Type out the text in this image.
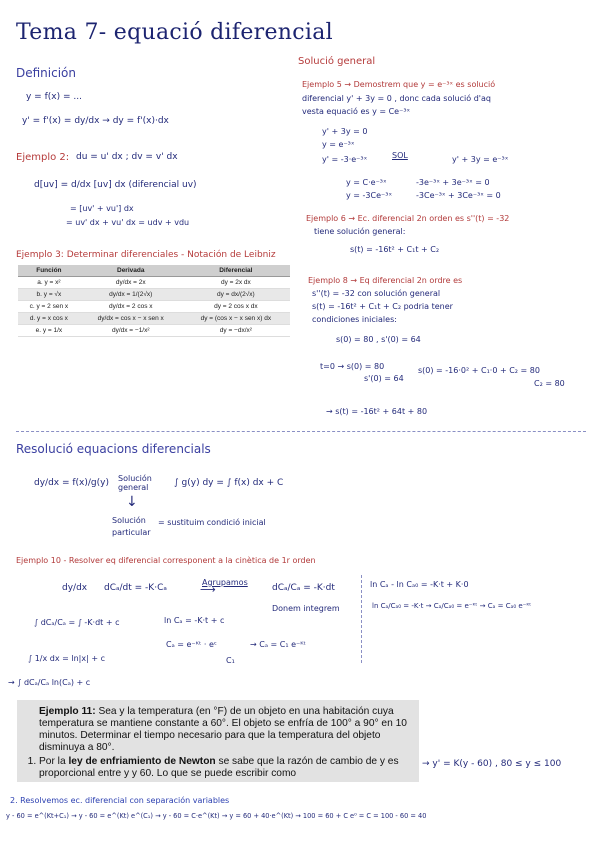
Tema 7- equació diferencial
Definición
y = f(x) = ...
y' = f'(x) = dy/dx → dy = f'(x)·dx
Ejemplo 2: du = u' dx ; dv = v' dx
d[uv] = d/dx [uv] dx (diferencial uv)
= [uv' + vu'] dx
= uv' dx + vu' dx = udv + vdu
Ejemplo 3: Determinar diferenciales - Notación de Leibniz
Función	Derivada	Diferencial
a. y = x²	dy/dx = 2x	dy = 2x dx
b. y = √x	dy/dx = 1/(2√x)	dy = dx/(2√x)
c. y = 2 sen x	dy/dx = 2 cos x	dy = 2 cos x dx
d. y = x cos x	dy/dx = cos x − x sen x	dy = (cos x − x sen x) dx
e. y = 1/x	dy/dx = −1/x²	dy = −dx/x²
Solució general
Ejemplo 5 → Demostrem que y = e⁻³ˣ es solució
diferencial y' + 3y = 0 , donc cada solució d'aq
vesta equació es y = Ce⁻³ˣ
y' + 3y = 0
y = e⁻³ˣ
y' = -3·e⁻³ˣ	SOL	y' + 3y = e⁻³ˣ
y = C·e⁻³ˣ
y = -3Ce⁻³ˣ
-3e⁻³ˣ + 3e⁻³ˣ = 0
-3Ce⁻³ˣ + 3Ce⁻³ˣ = 0
Ejemplo 6 → Ec. diferencial 2n orden es s''(t) = -32
tiene solución general:
s(t) = -16t² + C₁t + C₂
Ejemplo 8 → Eq diferencial 2n ordre es
s''(t) = -32 con solución general
s(t) = -16t² + C₁t + C₂ podria tener
condiciones iniciales:
s(0) = 80 , s'(0) = 64
t=0 → s(0) = 80
s'(0) = 64
s(0) = -16·0² + C₁·0 + C₂ = 80
C₂ = 80
→ s(t) = -16t² + 64t + 80
Resolució equacions diferencials
dy/dx = f(x)/g(y) Solución general	∫ g(y) dy = ∫ f(x) dx + C
↓
Solución
particular
= sustituim condició inicial
Ejemplo 10 - Resolver eq diferencial corresponent a la cinètica de 1r orden
dy/dx dCₐ/dt = -K·Cₐ
Agrupamos
⟶	dCₐ/Cₐ = -K·dt
Donem integrem
∫ dCₐ/Cₐ = ∫ -K·dt + c	ln Cₐ = -K·t + c
Cₐ = e⁻ᴷᵗ · eᶜ	→ Cₐ = C₁ e⁻ᴷᵗ
C₁
∫ 1/x dx = ln|x| + c
→ ∫ dCₐ/Cₐ ln(Cₐ) + c
ln Cₐ - ln Cₐ₀ = -K·t + K·0
ln Cₐ/Cₐ₀ = -K·t → Cₐ/Cₐ₀ = e⁻ᴷᵗ → Cₐ = Cₐ₀ e⁻ᴷᵗ
Ejemplo 11: Sea y la temperatura (en °F) de un objeto en una habitación cuya temperatura se mantiene constante a 60°. El objeto se enfría de 100° a 90° en 10 minutos. Determinar el tiempo necesario para que la temperatura del objeto disminuya a 80°.
1. Por la ley de enfriamiento de Newton se sabe que la razón de cambio de y es proporcional entre y y 60. Lo que se puede escribir como
→ y' = K(y - 60) , 80 ≤ y ≤ 100
2. Resolvemos ec. diferencial con separación variables
y - 60 = e^(Kt+C₁) → y - 60 = e^(Kt) e^(C₁) → y - 60 = C·e^(Kt) → y = 60 + 40·e^(Kt) → 100 = 60 + C e⁰ = C = 100 - 60 = 40
